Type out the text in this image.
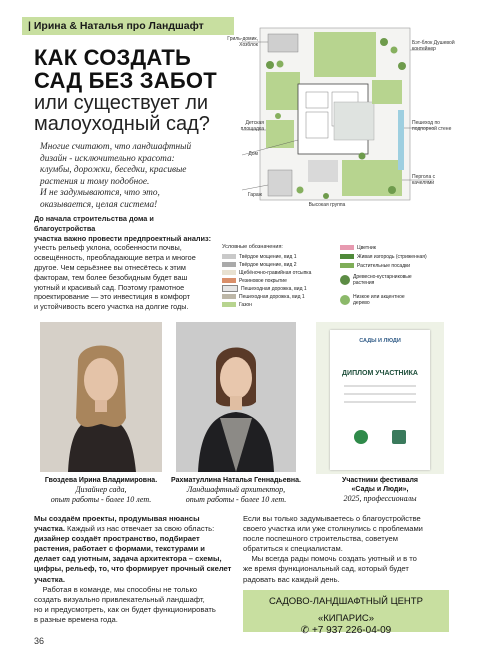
| Ирина & Наталья про Ландшафт
КАК СОЗДАТЬ
САД БЕЗ ЗАБОТ
или существует ли
малоуходный сад?
Многие считают, что ландшафтный
дизайн - исключительно красота:
клумбы, дорожки, беседки, красивые
растения и тому подобное.
И не задумываются, что это,
оказывается, целая система!
До начала строительства дома и благоустройства
участка важно провести предпроектный анализ:
учесть рельеф уклона, особенности почвы,
освещённость, преобладающие ветра и многое
другое. Чем серьёзнее вы отнесётесь к этим
факторам, тем более безобидным будет ваш
уютный и красивый сад. Поэтому грамотное
проектирование — это инвестиция в комфорт
и устойчивость всего участка на долгие годы.
Гриль-домик, Хозблок	Бэт-блок Душевой контейнер
Детская площадка
Дом
Пешеход по подпорной стене
Гараж
Пергола с качелями
Высокая группа
Условные обозначения:
Твёрдое мощение, вид 1
Твёрдое мощение, вид 2
Щебёночно-гравийная отсыпка
Резиновое покрытие
Пешеходная дорожка, вид 1
Пешеходная дорожка, вид 1
Газон
Цветник
Живая изгородь (стриженная)
Растительные посадки
Древесно-кустарниковые растения
Низкое или акцентное дерево
Гвоздева Ирина Владимировна.
Дизайнер сада,
опыт работы - более 10 лет.
Рахматуллина Наталья Геннадьевна.
Ландшафтный архитектор,
опыт работы - более 10 лет.
САДЫ И ЛЮДИ
ДИПЛОМ УЧАСТНИКА
Участники фестиваля
«Сады и Люди»,
2025, профессионалы
Мы создаём проекты, продумывая нюансы
участка. Каждый из нас отвечает за свою область:
дизайнер создаёт пространство, подбирает
растения, работает с формами, текстурами и
делает сад уютным, задача архитектора – схемы,
цифры, рельеф, то, что формирует прочный скелет
участка.
Работая в команде, мы способны не только
создать визуально привлекательный ландшафт,
но и предусмотреть, как он будет функционировать
в разные времена года.
Если вы только задумываетесь о благоустройстве
своего участка или уже столкнулись с проблемами
после поспешного строительства, советуем
обратиться к специалистам.
Мы всегда рады помочь создать уютный и в то
же время функциональный сад, который будет
радовать вас каждый день.
САДОВО-ЛАНДШАФТНЫЙ ЦЕНТР
«КИПАРИС»
✆ +7 937 226-04-09
36
